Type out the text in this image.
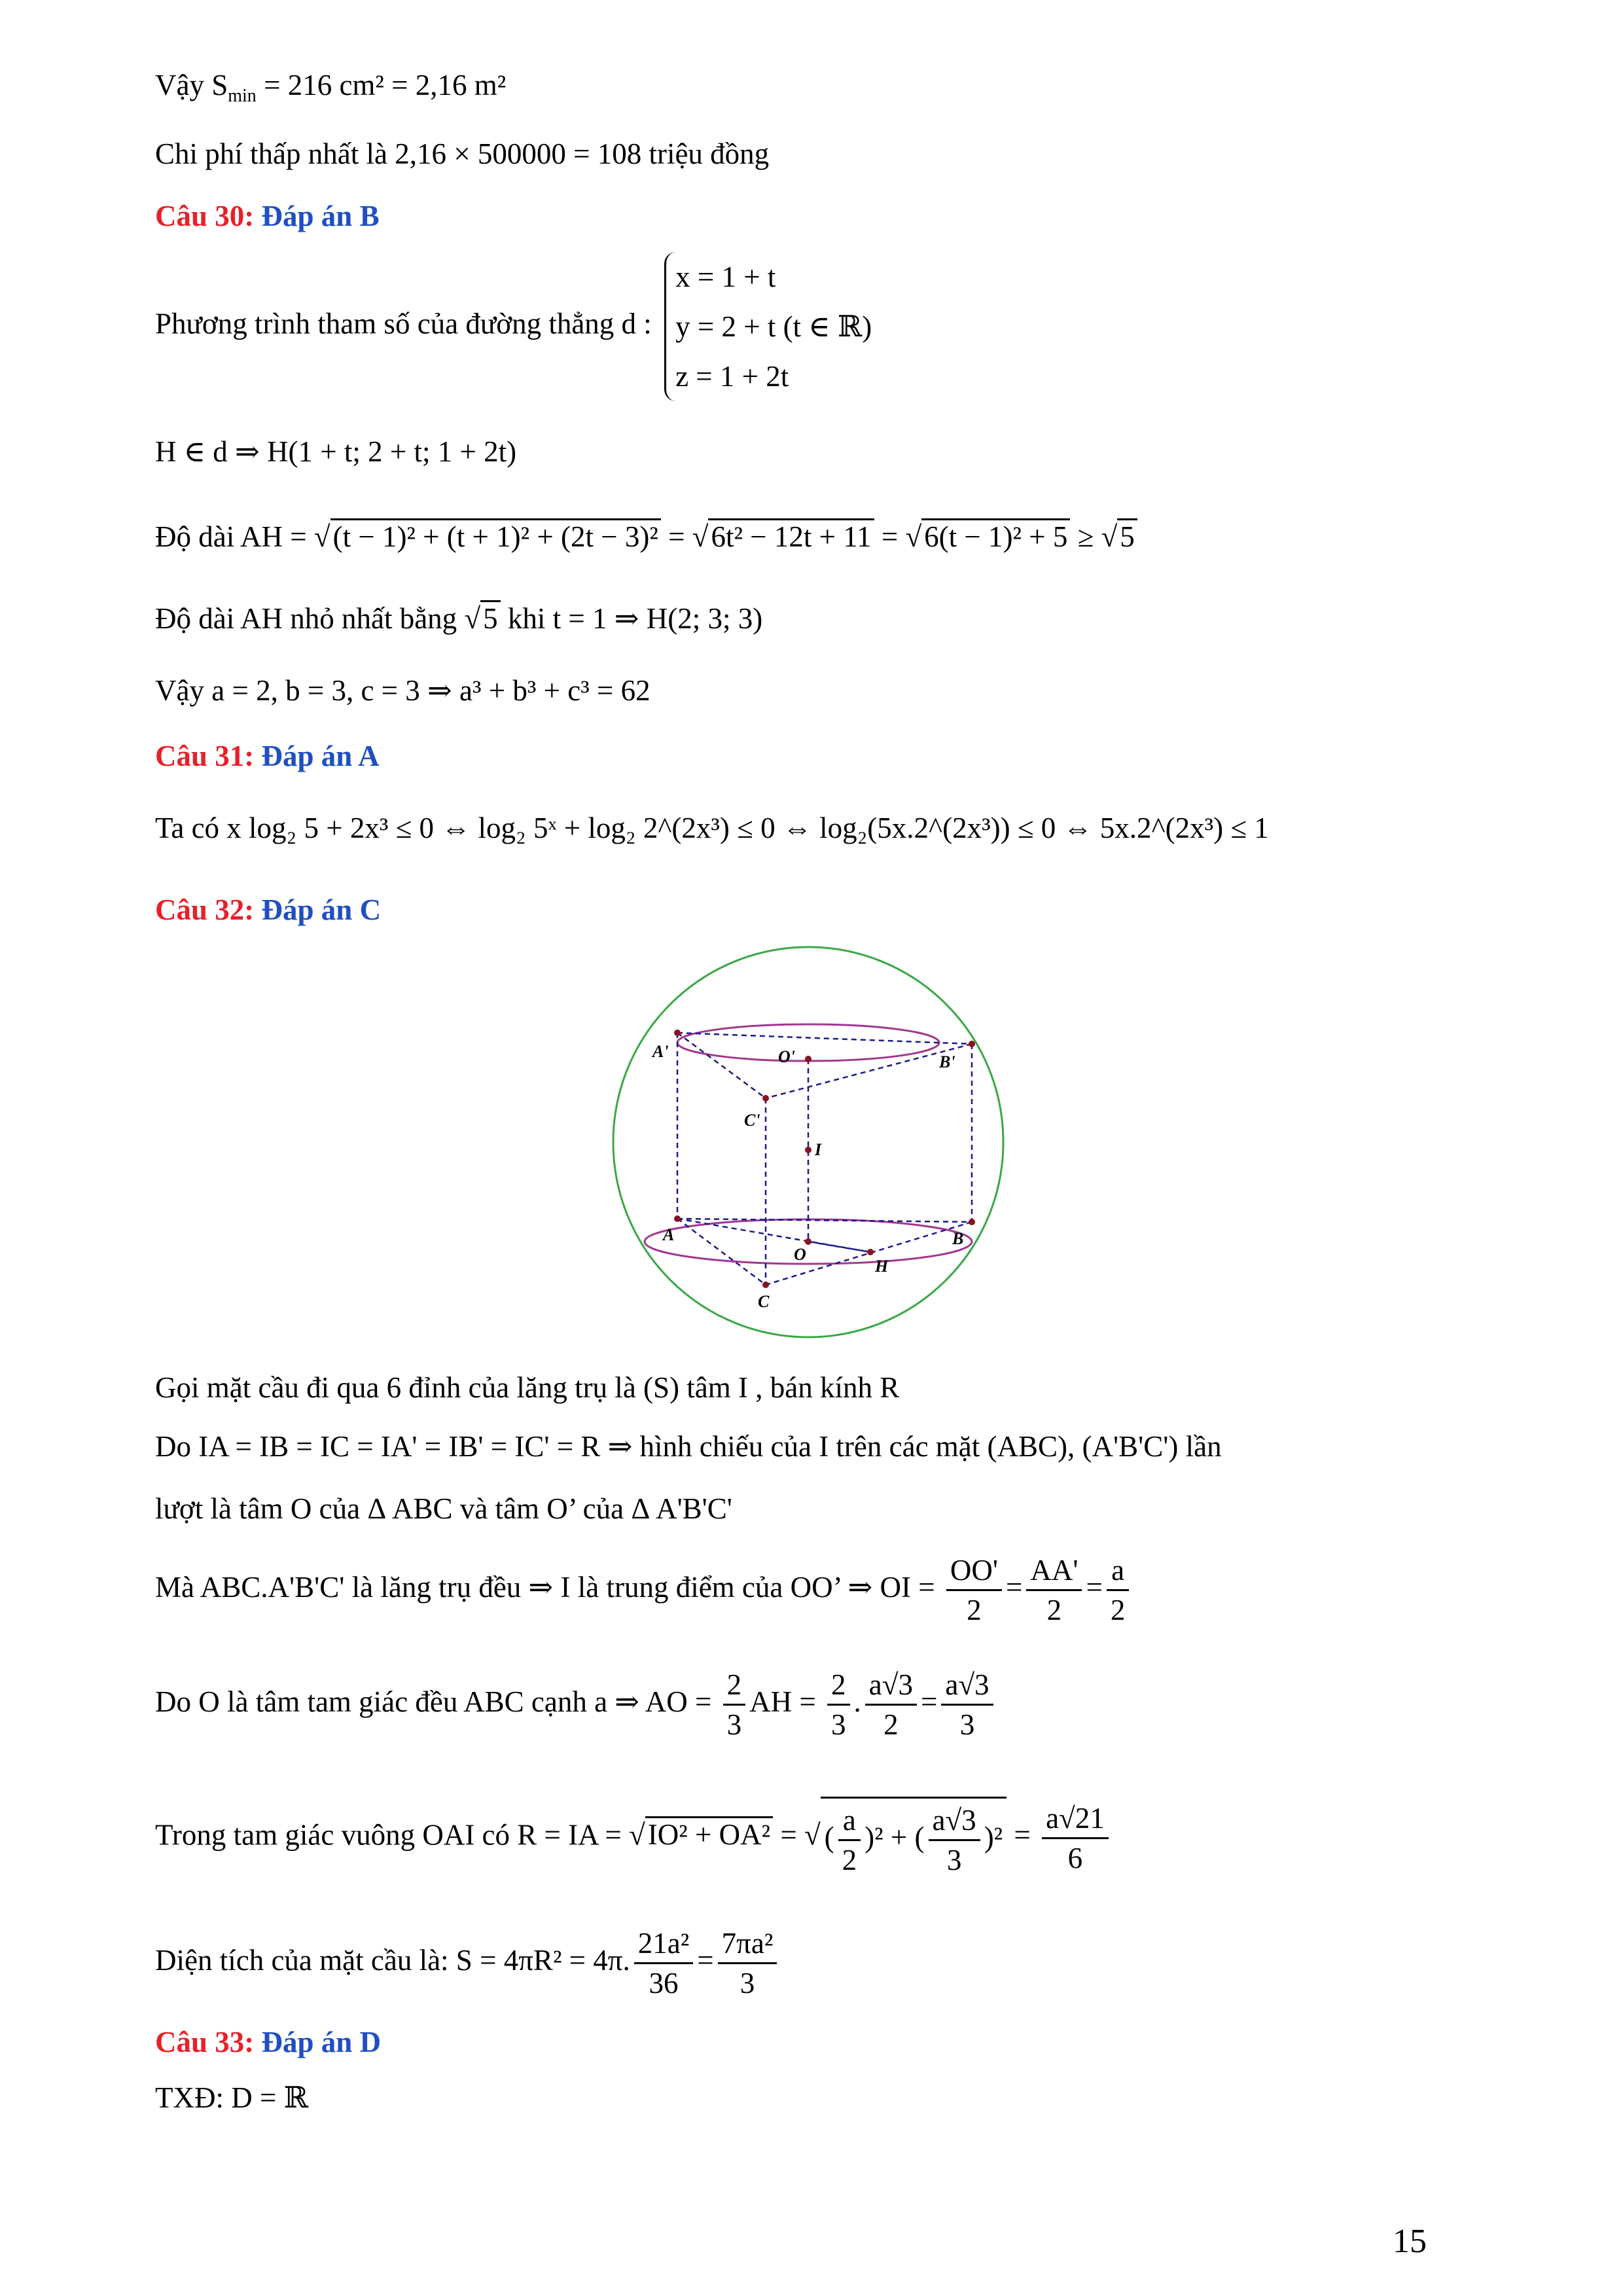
Vậy $S_{min} = 216$ cm² = 2,16 m²
Chi phí thấp nhất là 2,16 × 500000 = 108 triệu đồng
Câu 30: Đáp án B
Phương trình tham số của đường thẳng d :
x = 1 + t
y = 2 + t (t ∈ ℝ)
z = 1 + 2t
H ∈ d ⇒ H(1 + t; 2 + t; 1 + 2t)
Độ dài AH = √(t − 1)² + (t + 1)² + (2t − 3)² = √6t² − 12t + 11 = √6(t − 1)² + 5 ≥ √5
Độ dài AH nhỏ nhất bằng √5 khi t = 1 ⇒ H(2; 3; 3)
Vậy a = 2, b = 3, c = 3 ⇒ a³ + b³ + c³ = 62
Câu 31: Đáp án A
Ta có x log₂ 5 + 2x³ ≤ 0 ⇔ log₂ 5ˣ + log₂ 2^(2x³) ≤ 0 ⇔ log₂(5x.2^(2x³)) ≤ 0 ⇔ 5x.2^(2x³) ≤ 1
Câu 32: Đáp án C
A'
B'
C'
O'
I
A	B
C
O
H
Gọi mặt cầu đi qua 6 đỉnh của lăng trụ là (S) tâm I , bán kính R
Do IA = IB = IC = IA' = IB' = IC' = R ⇒ hình chiếu của I trên các mặt (ABC), (A'B'C') lần
lượt là tâm O của Δ ABC và tâm O’ của Δ A'B'C'
Mà ABC.A'B'C' là lăng trụ đều ⇒ I là trung điểm của OO’ ⇒ OI = $\frac{OO'}{2} = \frac{AA'}{2} = \frac{a}{2}$
Do O là tâm tam giác đều ABC cạnh a ⇒ AO = $\frac{2}{3}$ AH = $\frac{2}{3}$ . $\frac{a√3}{2} = \frac{a√3}{3}$
Trong tam giác vuông OAI có R = IA = √IO² + OA² = √ ( $\frac{a}{2} )^2$ + ( $\frac{a√3}{3} )^2 = \frac{a√21}{6}$
Diện tích của mặt cầu là: S = 4πR² = 4π. $\frac{\text{21a²}}{36} = \frac{\text{7πa²}}{3}$
Câu 33: Đáp án D
TXĐ: D = ℝ
15
